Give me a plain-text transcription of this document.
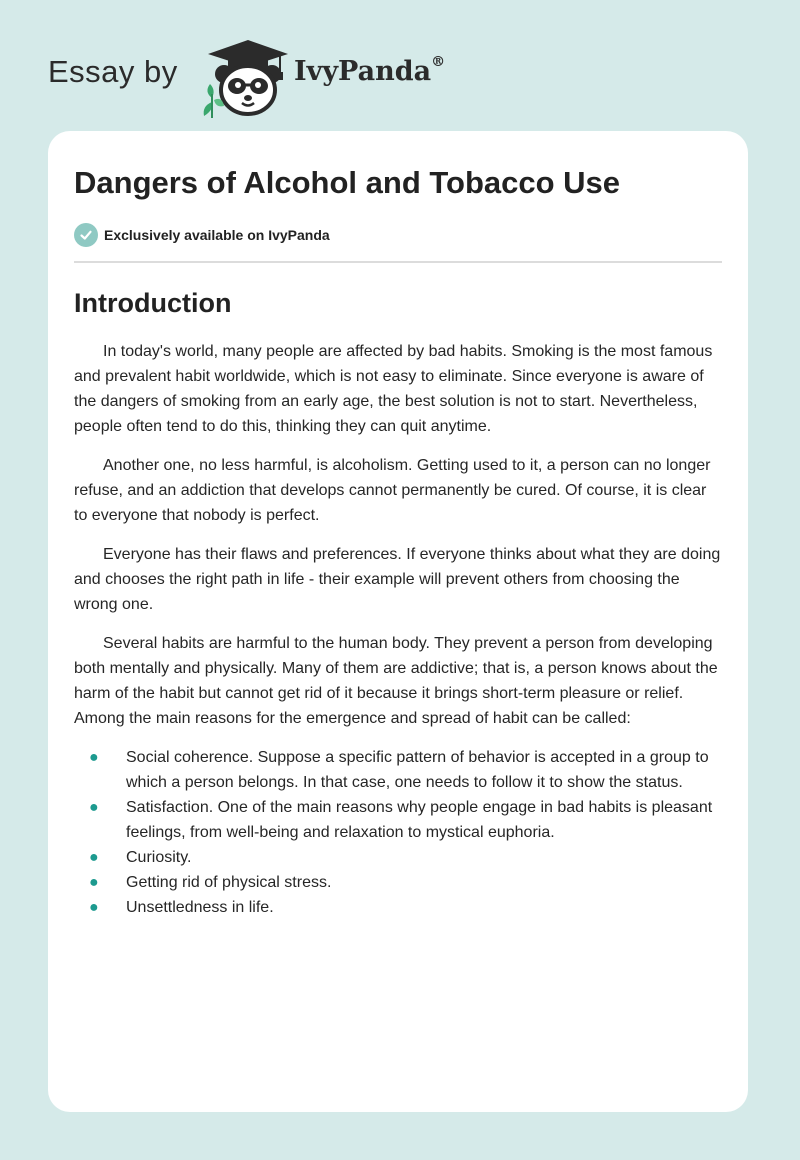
Essay by	IvyPanda®
Dangers of Alcohol and Tobacco Use
Exclusively available on IvyPanda
Introduction

In today's world, many people are affected by bad habits. Smoking is the most famous and prevalent habit worldwide, which is not easy to eliminate. Since everyone is aware of the dangers of smoking from an early age, the best solution is not to start. Nevertheless, people often tend to do this, thinking they can quit anytime.

Another one, no less harmful, is alcoholism. Getting used to it, a person can no longer refuse, and an addiction that develops cannot permanently be cured. Of course, it is clear to everyone that nobody is perfect.

Everyone has their flaws and preferences. If everyone thinks about what they are doing and chooses the right path in life - their example will prevent others from choosing the wrong one.

Several habits are harmful to the human body. They prevent a person from developing both mentally and physically. Many of them are addictive; that is, a person knows about the harm of the habit but cannot get rid of it because it brings short-term pleasure or relief. Among the main reasons for the emergence and spread of habit can be called:

● Social coherence. Suppose a specific pattern of behavior is accepted in a group to which a person belongs. In that case, one needs to follow it to show the status.
● Satisfaction. One of the main reasons why people engage in bad habits is pleasant feelings, from well-being and relaxation to mystical euphoria.
● Curiosity.
● Getting rid of physical stress.
● Unsettledness in life.
